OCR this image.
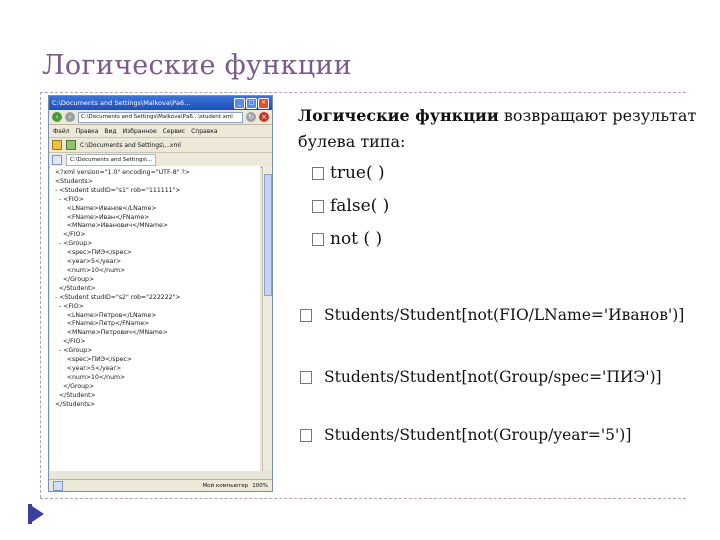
Логические функции
C:\Documents and Settings\Malkova\Ра6...	_	□	×
‹	›	C:\Documents and Settings\Malkova\Ра6...\student.xml	↻ ×
Файл Правка Вид Избранное Сервис Справка
C:\Documents and Settings\...xml
C:\Documents and Settings\...
<?xml version="1.0" encoding="UTF-8" ?>
<Students>
- <Student studID="s1" rob="111111">
- <FIO>
<LName>Иванов</LName>
<FName>Иван</FName>
<MName>Иванович</MName>
</FIO>
- <Group>
<spec>ПИЭ</spec>
<year>5</year>
<num>10</num>
</Group>
</Student>
- <Student studID="s2" rob="222222">
- <FIO>
<LName>Петров</LName>
<FName>Петр</FName>
<MName>Петрович</MName>
</FIO>
- <Group>
<spec>ПИЭ</spec>
<year>5</year>
<num>10</num>
</Group>
</Student>
</Students>
Мой компьютер 100%
Логические функции возвращают результат булева типа:
true( )
false( )
not ( )
Students/Student[not(FIO/LName='Иванов')]
Students/Student[not(Group/spec='ПИЭ')]
Students/Student[not(Group/year='5')]
